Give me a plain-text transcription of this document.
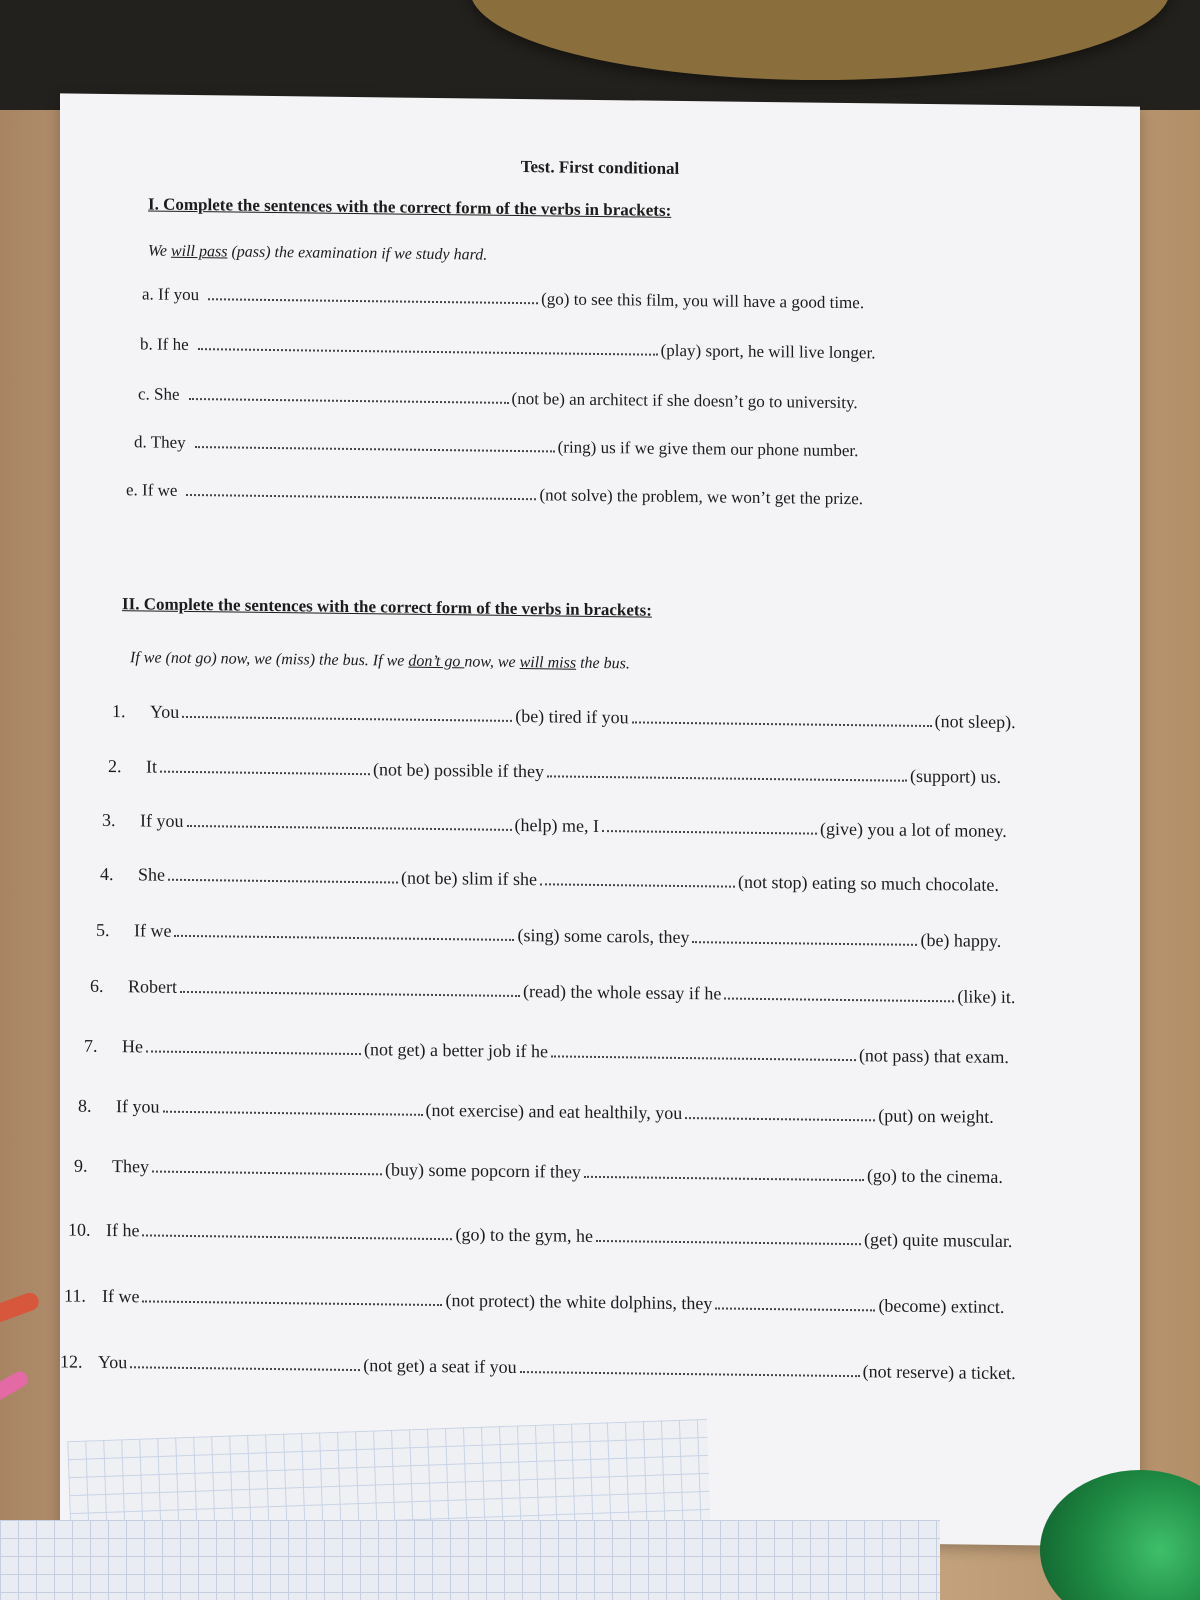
Test. First conditional
I. Complete the sentences with the correct form of the verbs in brackets:
We will pass (pass) the examination if we study hard.
a. If you	(go) to see this film, you will have a good time.
b. If he	(play) sport, he will live longer.
c. She	(not be) an architect if she doesn’t go to university.
d. They	(ring) us if we give them our phone number.
e. If we	(not solve) the problem, we won’t get the prize.
II. Complete the sentences with the correct form of the verbs in brackets:
If we (not go) now, we (miss) the bus. If we don’t go now, we will miss the bus.
1.	You	(be) tired if you	(not sleep).
2.	It	(not be) possible if they	(support) us.
3.	If you	(help) me, I	(give) you a lot of money.
4.	She	(not be) slim if she	(not stop) eating so much chocolate.
5.	If we	(sing) some carols, they	(be) happy.
6.	Robert	(read) the whole essay if he	(like) it.
7.	He	(not get) a better job if he	(not pass) that exam.
8.	If you	(not exercise) and eat healthily, you	(put) on weight.
9.	They	(buy) some popcorn if they	(go) to the cinema.
10. If he	(go) to the gym, he	(get) quite muscular.
11. If we	(not protect) the white dolphins, they	(become) extinct.
12. You	(not get) a seat if you	(not reserve) a ticket.
